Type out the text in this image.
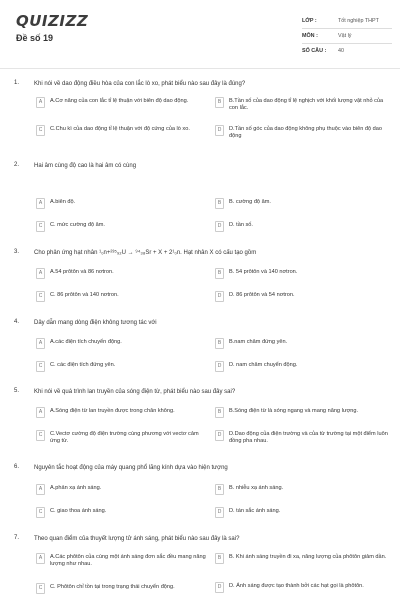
QUIZIZZ
Đề số 19
LỚP :	Tốt nghiệp THPT
MÔN :	Vật lý
SỐ CÂU : 40
1. Khi nói về dao động điều hòa của con lắc lò xo, phát biểu nào sau đây là đúng?
A	A.Cơ năng của con lắc tỉ lệ thuận với biên độ dao động.	B	B.Tần số của dao động tỉ lệ nghịch với khối lượng vật nhỏ của con lắc.
C	C.Chu kì của dao động tỉ lệ thuận với độ cứng của lò xo.	D	D.Tần số góc của dao động không phụ thuộc vào biên độ dao động
2. Hai âm cùng độ cao là hai âm có cùng
A	A.biên độ.	B	B. cường độ âm.
C	C. mức cường độ âm.	D	D. tần số.
3. Cho phản ứng hạt nhân ¹₀n+²³⁵₉₂U → ⁹⁴₃₈Sr + X + 2¹₀n. Hạt nhân X có cấu tạo gồm
A	A.54 prôtôn và 86 nơtron.	B	B. 54 prôtôn và 140 nơtron.
C	C. 86 prôtôn và 140 nơtron.	D	D. 86 prôtôn và 54 nơtron.
4. Dây dẫn mang dòng điện không tương tác với
A	A.các điện tích chuyển động.	B	B.nam châm đứng yên.
C	C. các điện tích đứng yên.	D	D. nam châm chuyển động.
5. Khi nói về quá trình lan truyền của sóng điện từ, phát biểu nào sau đây sai?
A	A.Sóng điện từ lan truyền được trong chân không.	B	B.Sóng điện từ là sóng ngang và mang năng lượng.
C	C.Vectơ cường độ điện trường cùng phương với vectơ cảm ứng từ.
D	D.Dao động của điện trường và của từ trường tại một điểm luôn đồng pha nhau.
6. Nguyên tắc hoạt động của máy quang phổ lăng kính dựa vào hiện tượng
A	A.phản xạ ánh sáng.	B	B. nhiễu xạ ánh sáng.
C	C. giao thoa ánh sáng.	D	D. tán sắc ánh sáng.
7. Theo quan điểm của thuyết lượng tử ánh sáng, phát biểu nào sau đây là sai?
A	A.Các phôtôn của cùng một ánh sáng đơn sắc đều mang năng lượng như nhau.
B	B. Khi ánh sáng truyền đi xa, năng lượng của phôtôn giảm dần.
C	C. Phôtôn chỉ tồn tại trong trạng thái chuyển động.	D	D. Ánh sáng được tạo thành bởi các hạt gọi là phôtôn.
